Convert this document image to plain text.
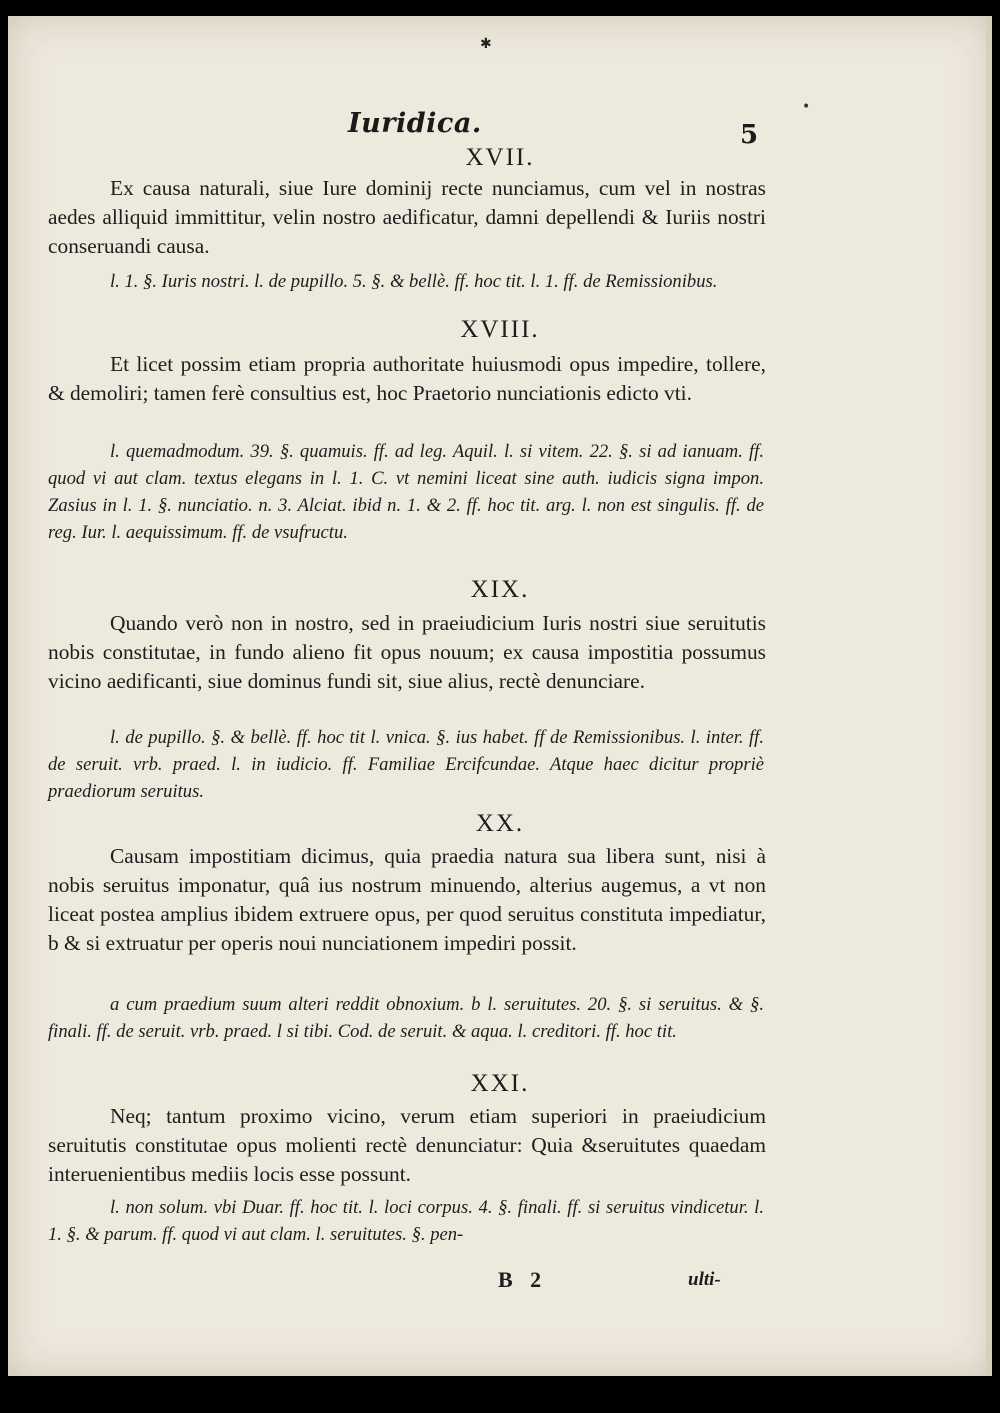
✱
•
Iuridica.	5
XVII.
Ex causa naturali, siue Iure dominij recte nunciamus, cum vel in nostras aedes alliquid immittitur, velin nostro aedificatur, damni depellendi & Iuriis nostri conseruandi causa.
l. 1. §. Iuris nostri. l. de pupillo. 5. §. & bellè. ff. hoc tit. l. 1. ff. de Remissionibus.
XVIII.
Et licet possim etiam propria authoritate huiusmodi opus impedire, tollere, & demoliri; tamen ferè consultius est, hoc Praetorio nunciationis edicto vti.
l. quemadmodum. 39. §. quamuis. ff. ad leg. Aquil. l. si vitem. 22. §. si ad ianuam. ff. quod vi aut clam. textus elegans in l. 1. C. vt nemini liceat sine auth. iudicis signa impon. Zasius in l. 1. §. nunciatio. n. 3. Alciat. ibid n. 1. & 2. ff. hoc tit. arg. l. non est singulis. ff. de reg. Iur. l. aequissimum. ff. de vsufructu.
XIX.
Quando verò non in nostro, sed in praeiudicium Iuris nostri siue seruitutis nobis constitutae, in fundo alieno fit opus nouum; ex causa impostitia possumus vicino aedificanti, siue dominus fundi sit, siue alius, rectè denunciare.
l. de pupillo. §. & bellè. ff. hoc tit l. vnica. §. ius habet. ff de Remissionibus. l. inter. ff. de seruit. vrb. praed. l. in iudicio. ff. Familiae Ercifcundae. Atque haec dicitur propriè praediorum seruitus.
XX.
Causam impostitiam dicimus, quia praedia natura sua libera sunt, nisi à nobis seruitus imponatur, quâ ius nostrum minuendo, alterius augemus, a vt non liceat postea amplius ibidem extruere opus, per quod seruitus constituta impediatur, b & si extruatur per operis noui nunciationem impediri possit.
a cum praedium suum alteri reddit obnoxium. b l. seruitutes. 20. §. si seruitus. & §. finali. ff. de seruit. vrb. praed. l si tibi. Cod. de seruit. & aqua. l. creditori. ff. hoc tit.
XXI.
Neq; tantum proximo vicino, verum etiam superiori in praeiudicium seruitutis constitutae opus molienti rectè denunciatur: Quia &seruitutes quaedam interuenientibus mediis locis esse possunt.
l. non solum. vbi Duar. ff. hoc tit. l. loci corpus. 4. §. finali. ff. si seruitus vindicetur. l. 1. §. & parum. ff. quod vi aut clam. l. seruitutes. §. pen-
B 2	ulti-
